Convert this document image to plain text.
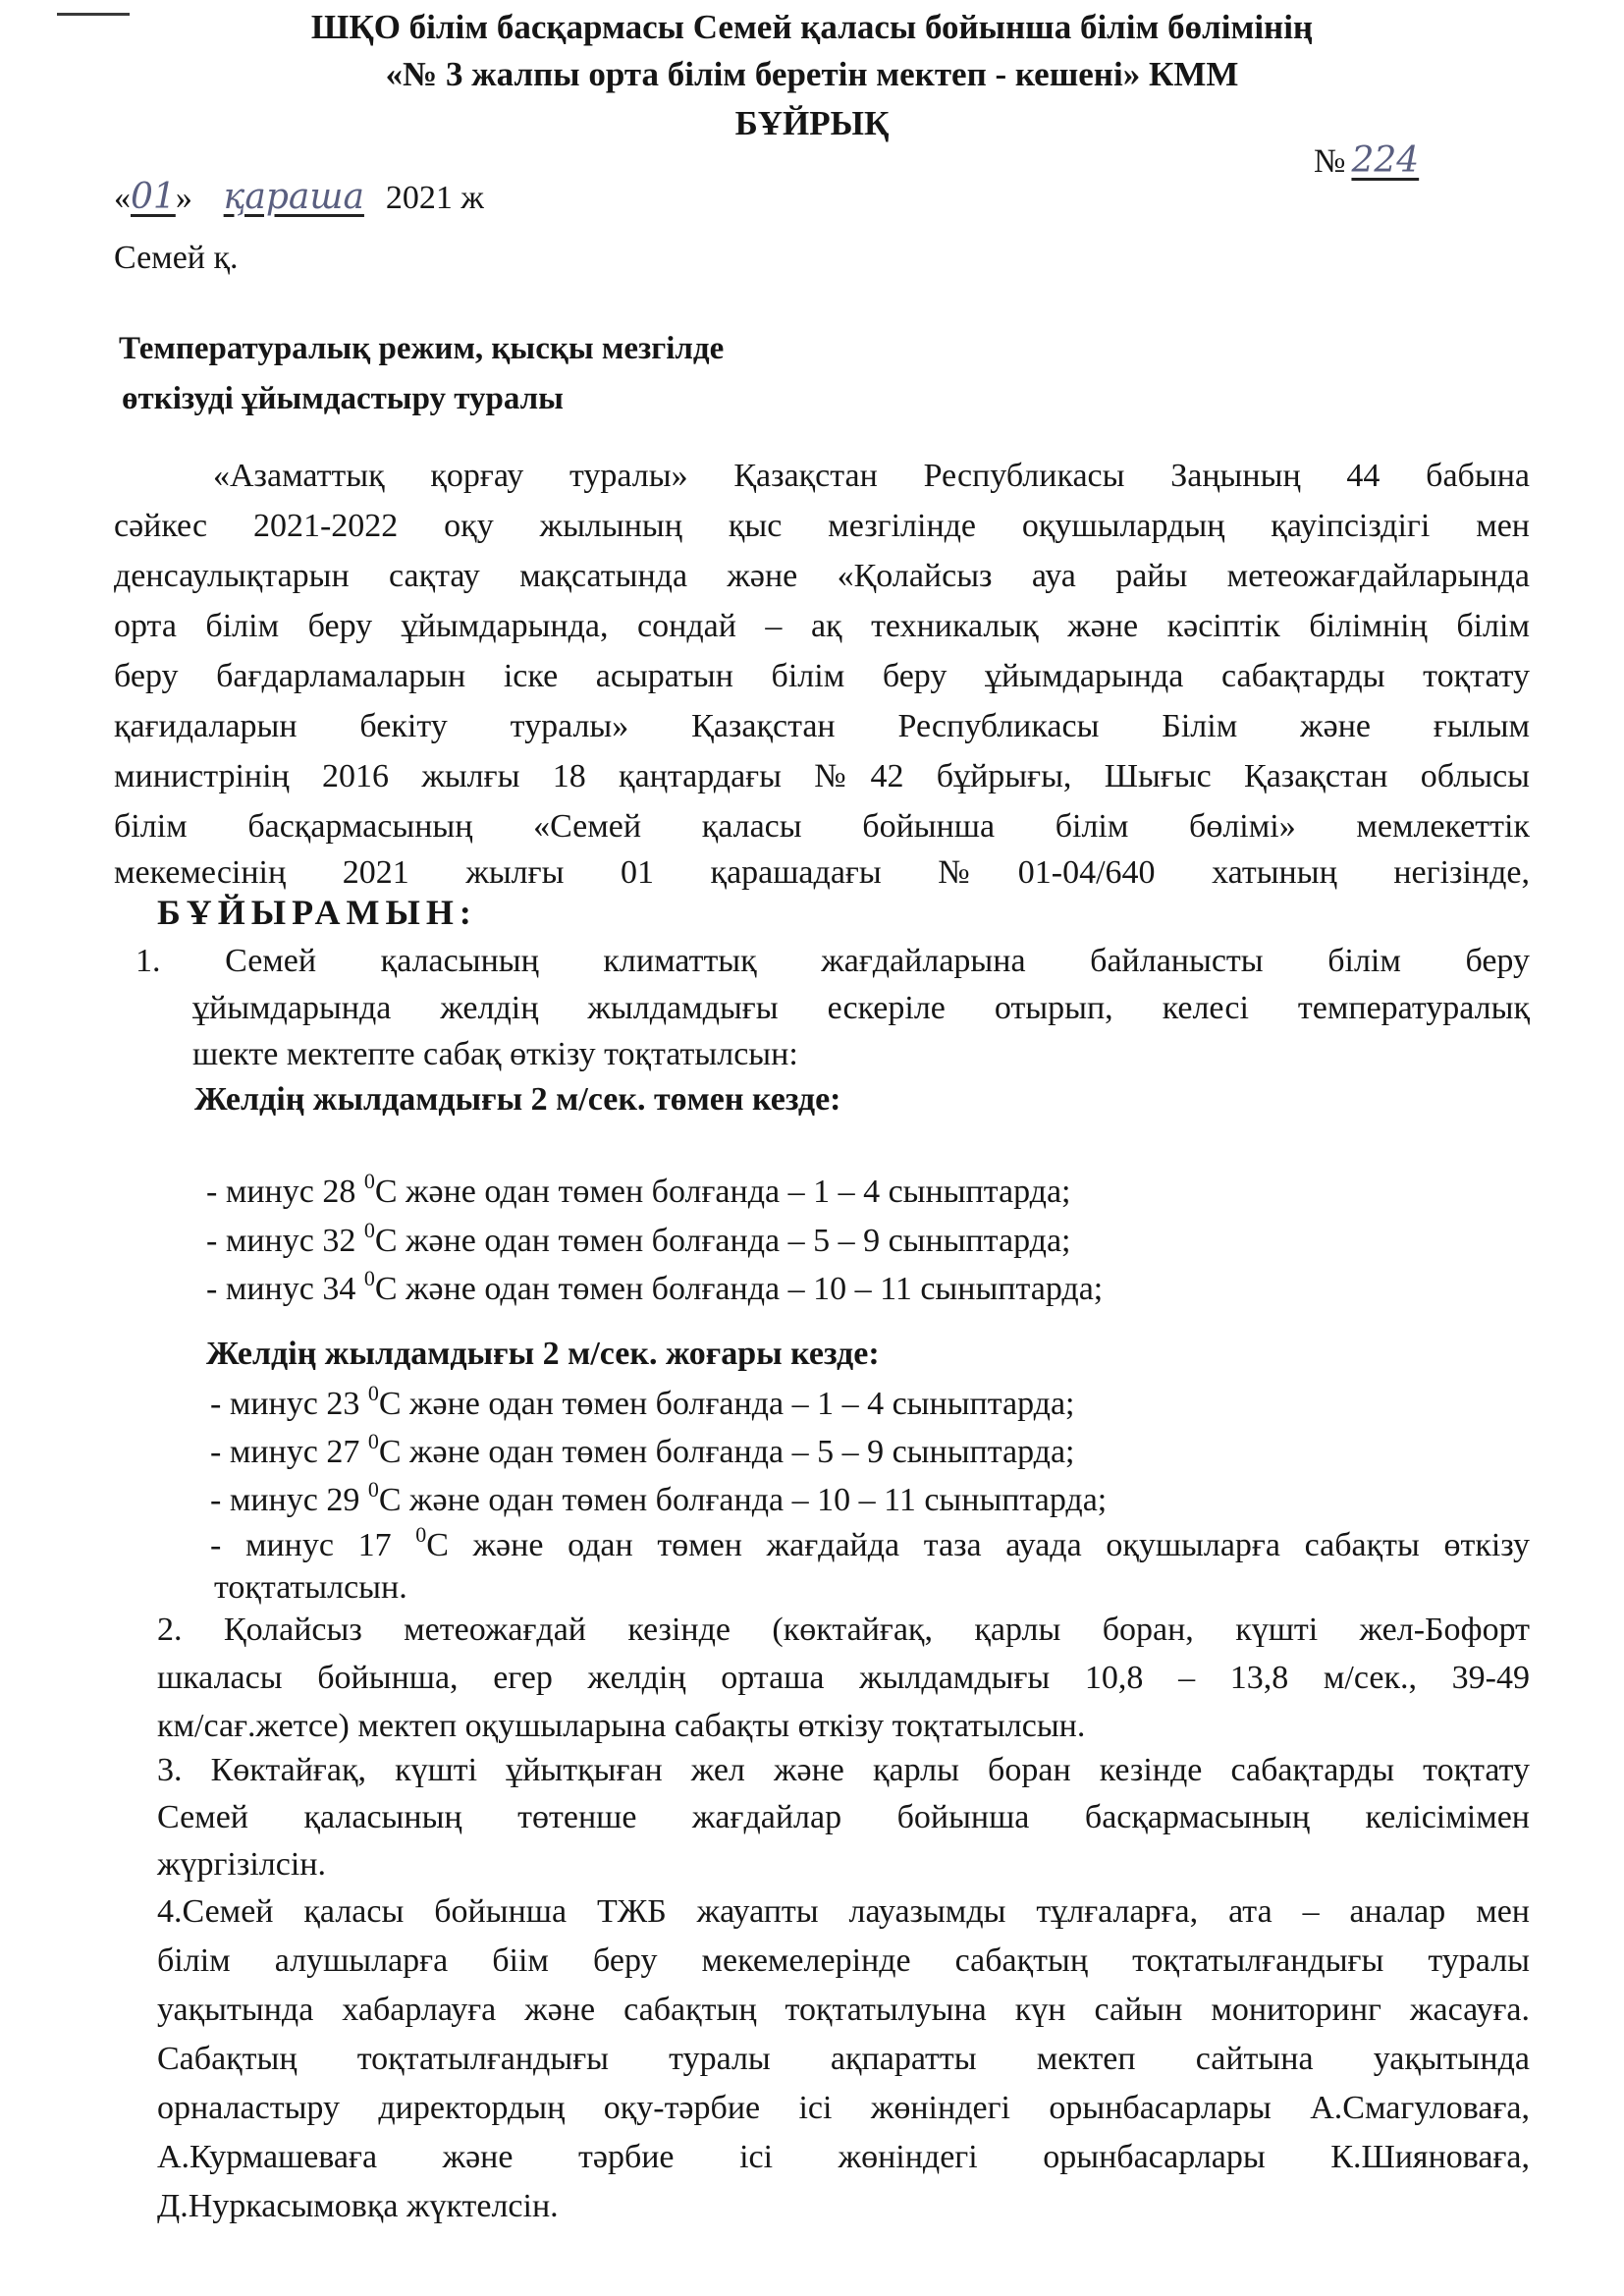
ШҚО білім басқармасы Семей қаласы бойынша білім бөлімінің
«№ 3 жалпы орта білім беретін мектеп - кешені» КММ
БҰЙРЫҚ
№ 224
«01» қараша 2021 ж
Семей қ.
Температуралық режим, қысқы мезгілде
өткізуді ұйымдастыру туралы
«Азаматтық қорғау туралы» Қазақстан Республикасы Заңының 44 бабына
сәйкес 2021-2022 оқу жылының қыс мезгілінде оқушылардың қауіпсіздігі мен
денсаулықтарын сақтау мақсатында және «Қолайсыз ауа райы метеожағдайларында
орта білім беру ұйымдарында, сондай – ақ техникалық және кәсіптік білімнің білім
беру бағдарламаларын іске асыратын білім беру ұйымдарында сабақтарды тоқтату
қағидаларын бекіту туралы» Қазақстан Республикасы Білім және ғылым
министрінің 2016 жылғы 18 қаңтардағы №42 бұйрығы, Шығыс Қазақстан облысы
білім басқармасының «Семей қаласы бойынша білім бөлімі» мемлекеттік
мекемесінің 2021 жылғы 01 қарашадағы №01-04/640 хатының негізінде,
БҰЙЫРАМЫН:
1. Семей қаласының климаттық жағдайларына байланысты білім беру
ұйымдарында желдің жылдамдығы ескеріле отырып, келесі температуралық
шекте мектепте сабақ өткізу тоқтатылсын:
Желдің жылдамдығы 2 м/сек. төмен кезде:
- минус 28 $^0$С және одан төмен болғанда – 1 – 4 сыныптарда;
- минус 32 $^0$С және одан төмен болғанда – 5 – 9 сыныптарда;
- минус 34 $^0$С және одан төмен болғанда – 10 – 11 сыныптарда;
Желдің жылдамдығы 2 м/сек. жоғары кезде:
- минус 23 $^0$С және одан төмен болғанда – 1 – 4 сыныптарда;
- минус 27 $^0$С және одан төмен болғанда – 5 – 9 сыныптарда;
- минус 29 $^0$С және одан төмен болғанда – 10 – 11 сыныптарда;
- минус 17 $^0$С және одан төмен жағдайда таза ауада оқушыларға сабақты өткізу
тоқтатылсын.
2. Қолайсыз метеожағдай кезінде (көктайғақ, қарлы боран, күшті жел-Бофорт
шкаласы бойынша, егер желдің орташа жылдамдығы 10,8 – 13,8 м/сек., 39-49
км/сағ.жетсе) мектеп оқушыларына сабақты өткізу тоқтатылсын.
3. Көктайғақ, күшті ұйытқыған жел және қарлы боран кезінде сабақтарды тоқтату
Семей қаласының төтенше жағдайлар бойынша басқармасының келісімімен
жүргізілсін.
4.Семей қаласы бойынша ТЖБ жауапты лауазымды тұлғаларға, ата – аналар мен
білім алушыларға біім беру мекемелерінде сабақтың тоқтатылғандығы туралы
уақытында хабарлауға және сабақтың тоқтатылуына күн сайын мониторинг жасауға.
Сабақтың тоқтатылғандығы туралы ақпаратты мектеп сайтына уақытында
орналастыру директордың оқу-тәрбие ісі жөніндегі орынбасарлары А.Смагуловаға,
А.Курмашеваға және тәрбие ісі жөніндегі орынбасарлары К.Шияноваға,
Д.Нуркасымовқа жүктелсін.
